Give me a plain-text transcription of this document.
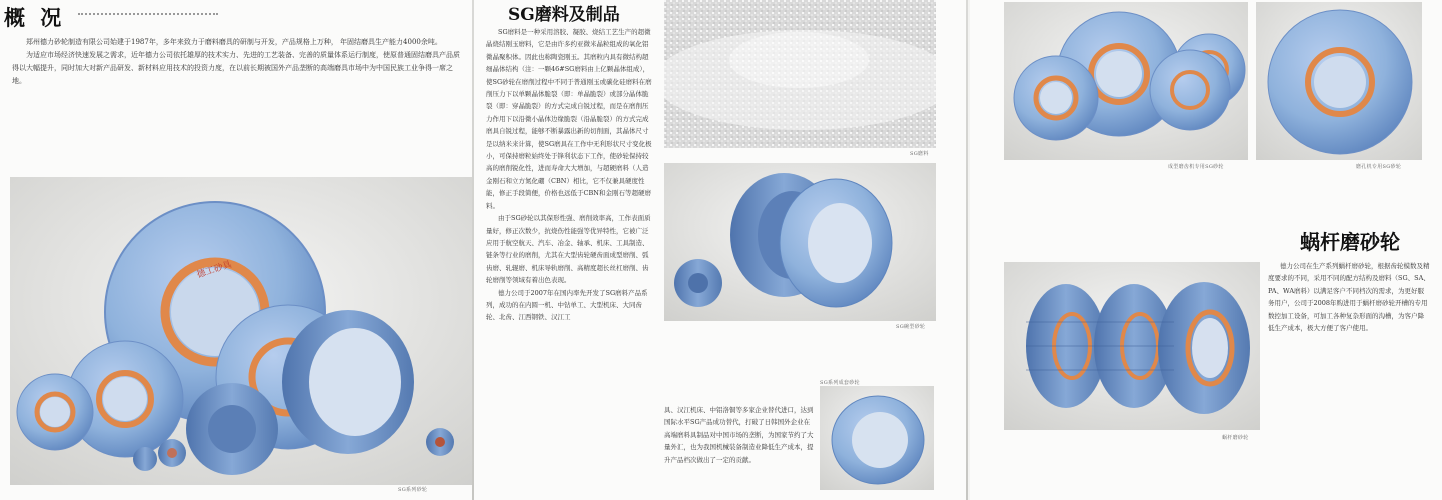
概 况

郑州德力砂轮制造有限公司始建于1987年，多年来致力于磨料磨具的研制与开发，产品规格上万种， 年固结磨具生产能力4000余吨。

为适应市场经济快速发展之需求，近年德力公司依托雄厚的技术实力、先进的工艺装备、完善的质量体系运行制度，使原普通固结磨具产品质得以大幅提升，同时加大对新产品研发、新材料应用技术的投资力度，在以前长期被国外产品垄断的高端磨具市场中为中国民族工业争得一席之地。

德工砂具
SG系列砂轮
SG磨料及制品

SG磨料是一种采用溶胶、凝胶、烧结工艺生产的超微晶烧结刚玉磨料，它是由许多约亚微米晶粒组成的氧化铝微晶聚积体。因此也称陶瓷刚玉。其磨粒内具有微结构超细晶体结构（注：一颗46#SG磨料由上亿颗晶体组成），使SG砂轮在磨削过程中不同于普通刚玉或碳化硅磨料在磨削压力下以单颗晶体脆裂（即：单晶脆裂）或部分晶体脆裂（即：穿晶脆裂）的方式完成自锐过程，而是在磨削压力作用下以沿微小晶体边缘脆裂（沿晶脆裂）的方式完成磨具自锐过程，能够不断暴露出新的切削面，其晶体尺寸是以纳米来计算，使SG磨具在工作中无利形状尺寸变化极小，可保持磨粒始终处于锋利状态下工作，使砂轮保持较高的磨削锐化性，进而寿命大大增加，与超硬磨料（人造金刚石和立方氮化硼（CBN）相比，它不仅兼具硬度性能，修正手段简便，价格也远低于CBN和金刚石等超硬磨料。

由于SG砂轮以其保形性强、磨削效率高，工作表面质量好，修正次数少，抗烧伤性能强等优异特性，它被广泛应用于航空航天、汽车、冶金、轴承、机床、工具制造、链条等行业的磨削，尤其在大型齿轮硬齿面成型磨削、弧齿磨、轧辊磨、机床导轨磨削、高精度超长丝杠磨削、齿轮磨削等领域有着出色表现。

德力公司于2007年在国内率先开发了SG磨料产品系列，成功的在内圆一机、中钻单工、大型机床、大同齿轮、北齿、江西钢铁、汉江工

SG磨料
SG碗型砂轮
SG系列成套砂轮
具、汉江机床、中铝洛铜等多家企业替代进口，达到国际水平SG产品成功替代，打破了日韩国外企业在高端磨料具制品对中国市场的垄断，为国家节约了大量外汇，也为我国机械装备制造业降低生产成本，提升产品档次做出了一定的贡献。
成型磨齿机专用SG砂轮	磨孔机专用SG砂轮
蜗杆磨砂轮
蜗杆磨砂轮

德力公司在生产系列蜗杆磨砂轮，根据齿轮模数及精度要求的不同，采用不同的配方结构及磨料（SG、SA、PA、WA磨料）以满足客户不同档次的需求，为更好服务用户，公司于2008年购进用于蜗杆磨砂轮开槽的专用数控加工设备，可加工各种复杂形面的沟槽，为客户降低生产成本，极大方便了客户使用。
